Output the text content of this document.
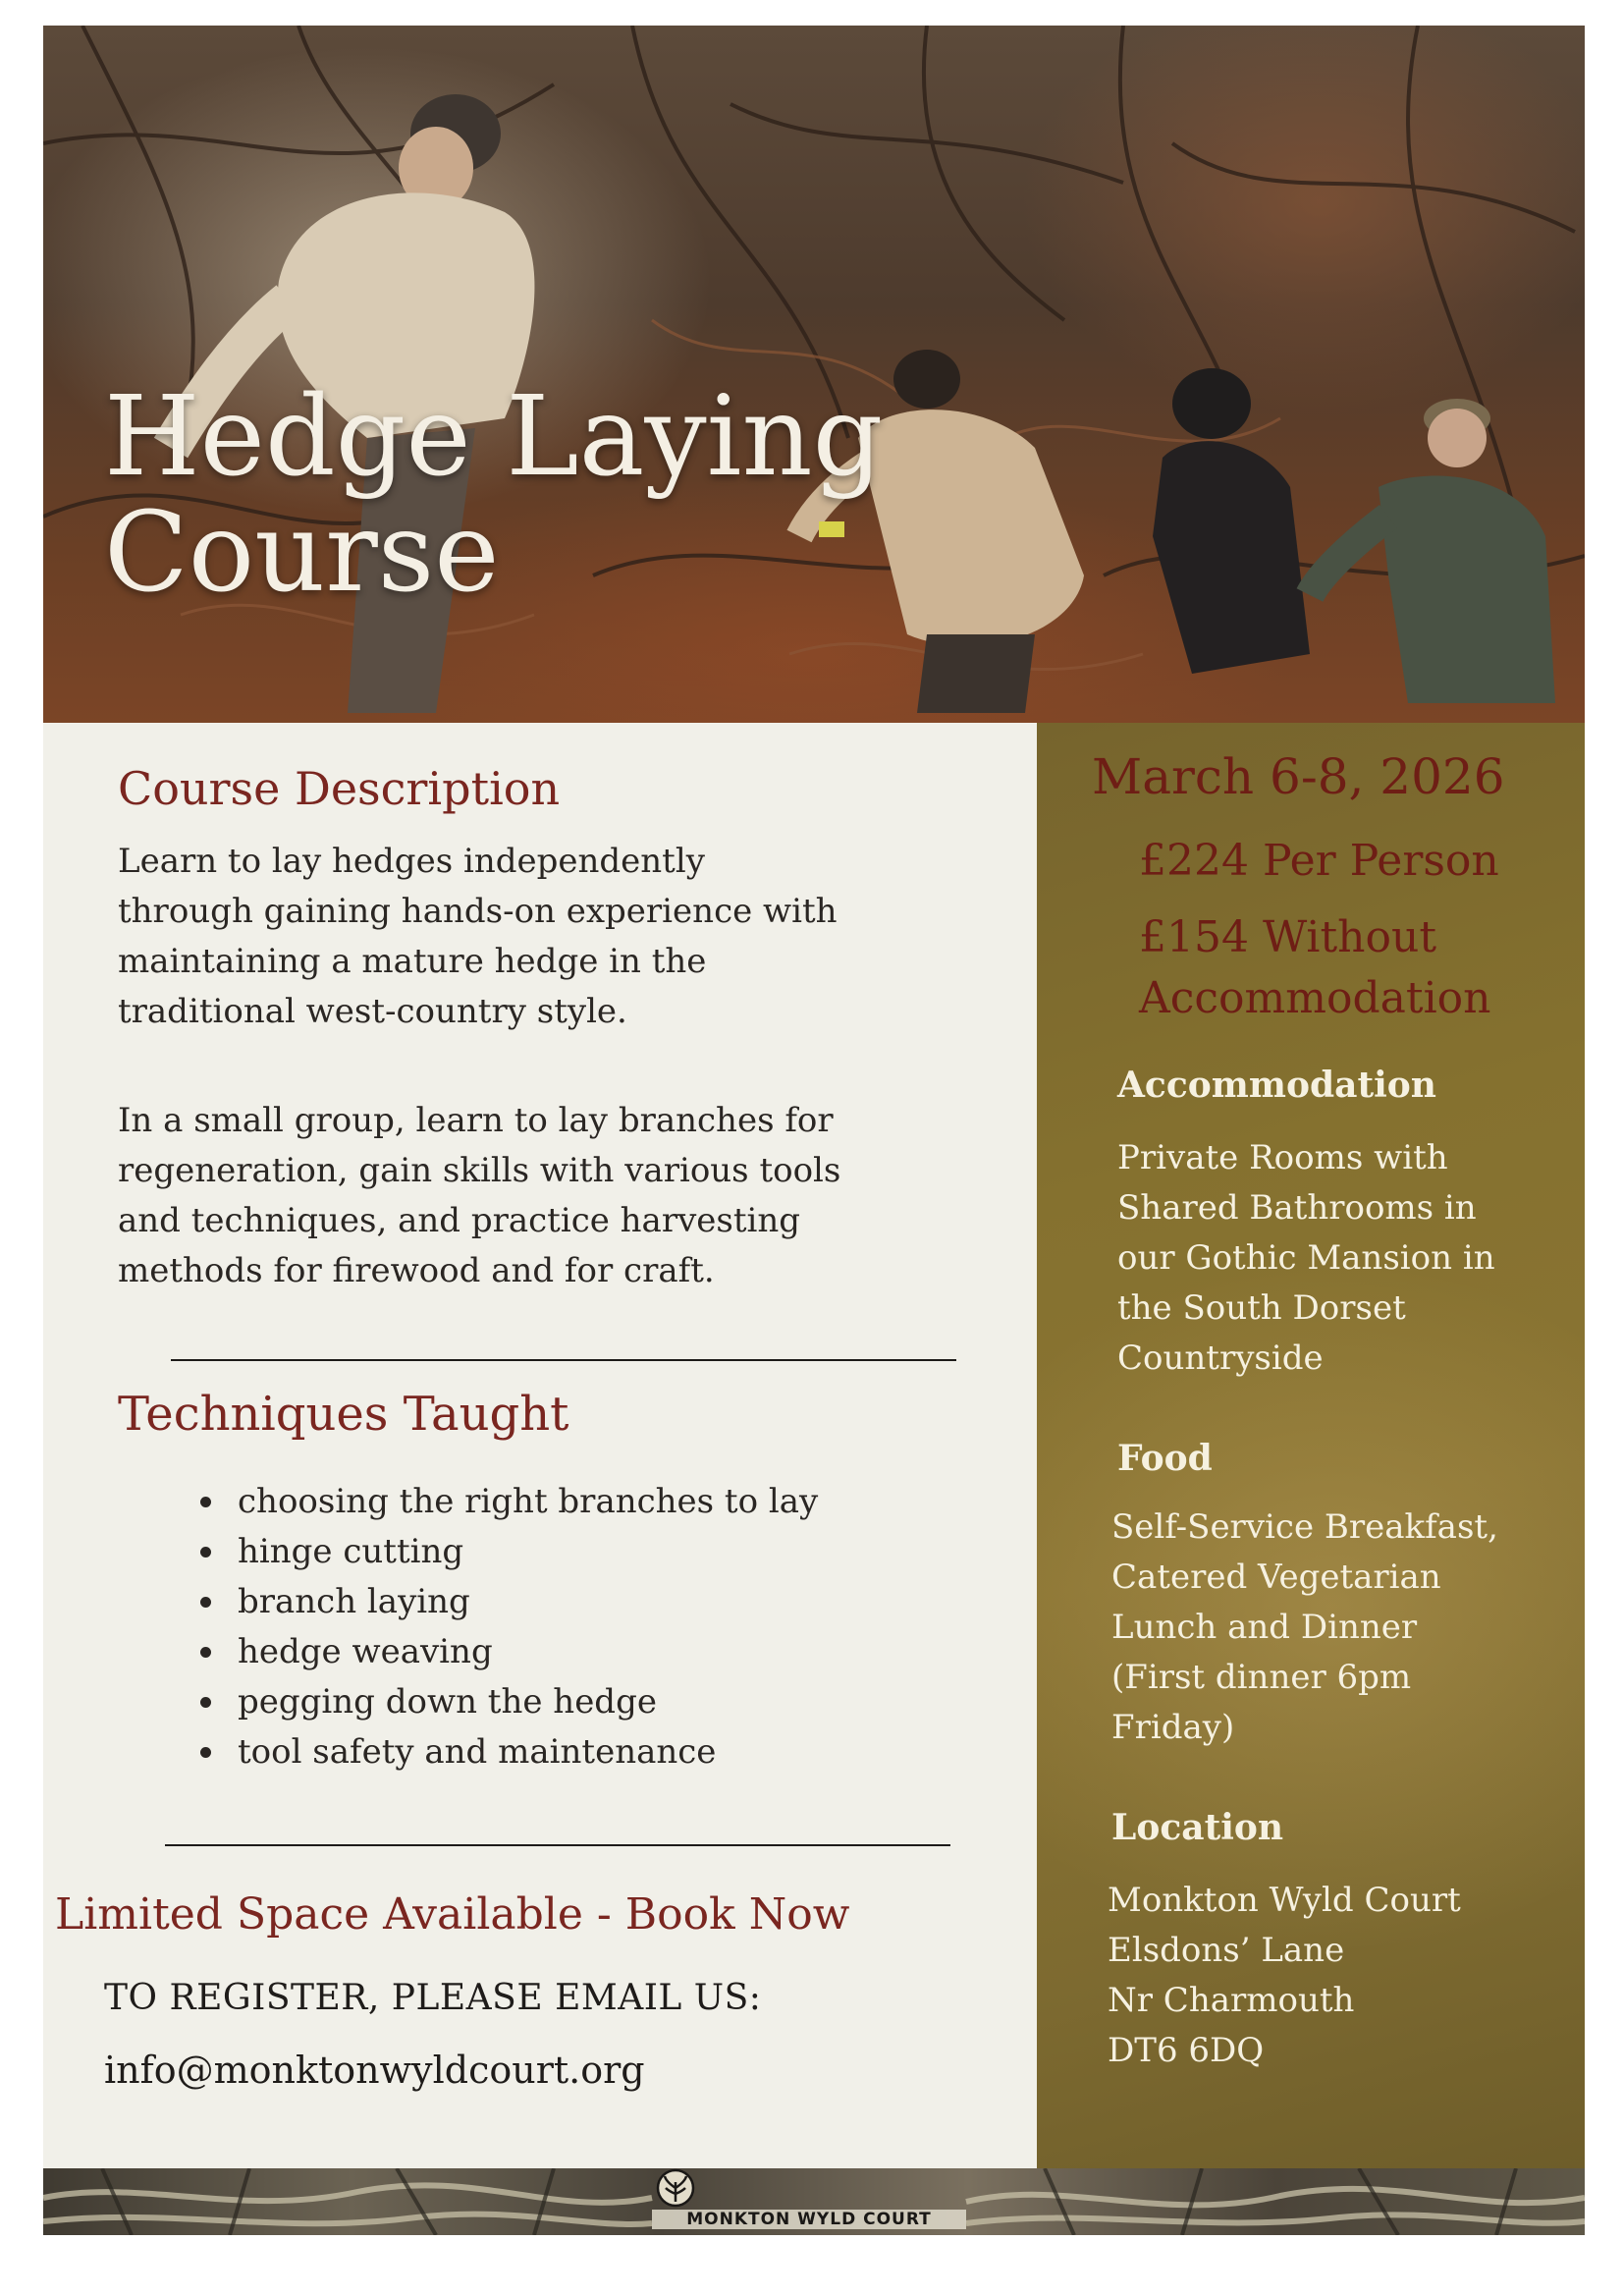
Hedge Laying
Course
Course Description

Learn to lay hedges independently
through gaining hands-on experience with
maintaining a mature hedge in the
traditional west-country style.

In a small group, learn to lay branches for
regeneration, gain skills with various tools
and techniques, and practice harvesting
methods for firewood and for craft.

Techniques Taught
choosing the right branches to lay
hinge cutting
branch laying
hedge weaving
pegging down the hedge
tool safety and maintenance

Limited Space Available - Book Now

TO REGISTER, PLEASE EMAIL US:

info@monktonwyldcourt.org

March 6-8, 2026

£224 Per Person

£154 Without
Accommodation

Accommodation

Private Rooms with
Shared Bathrooms in
our Gothic Mansion in
the South Dorset
Countryside

Food

Self-Service Breakfast,
Catered Vegetarian
Lunch and Dinner
(First dinner 6pm
Friday)

Location

Monkton Wyld Court
Elsdons’ Lane
Nr Charmouth
DT6 6DQ

MONKTON WYLD COURT
